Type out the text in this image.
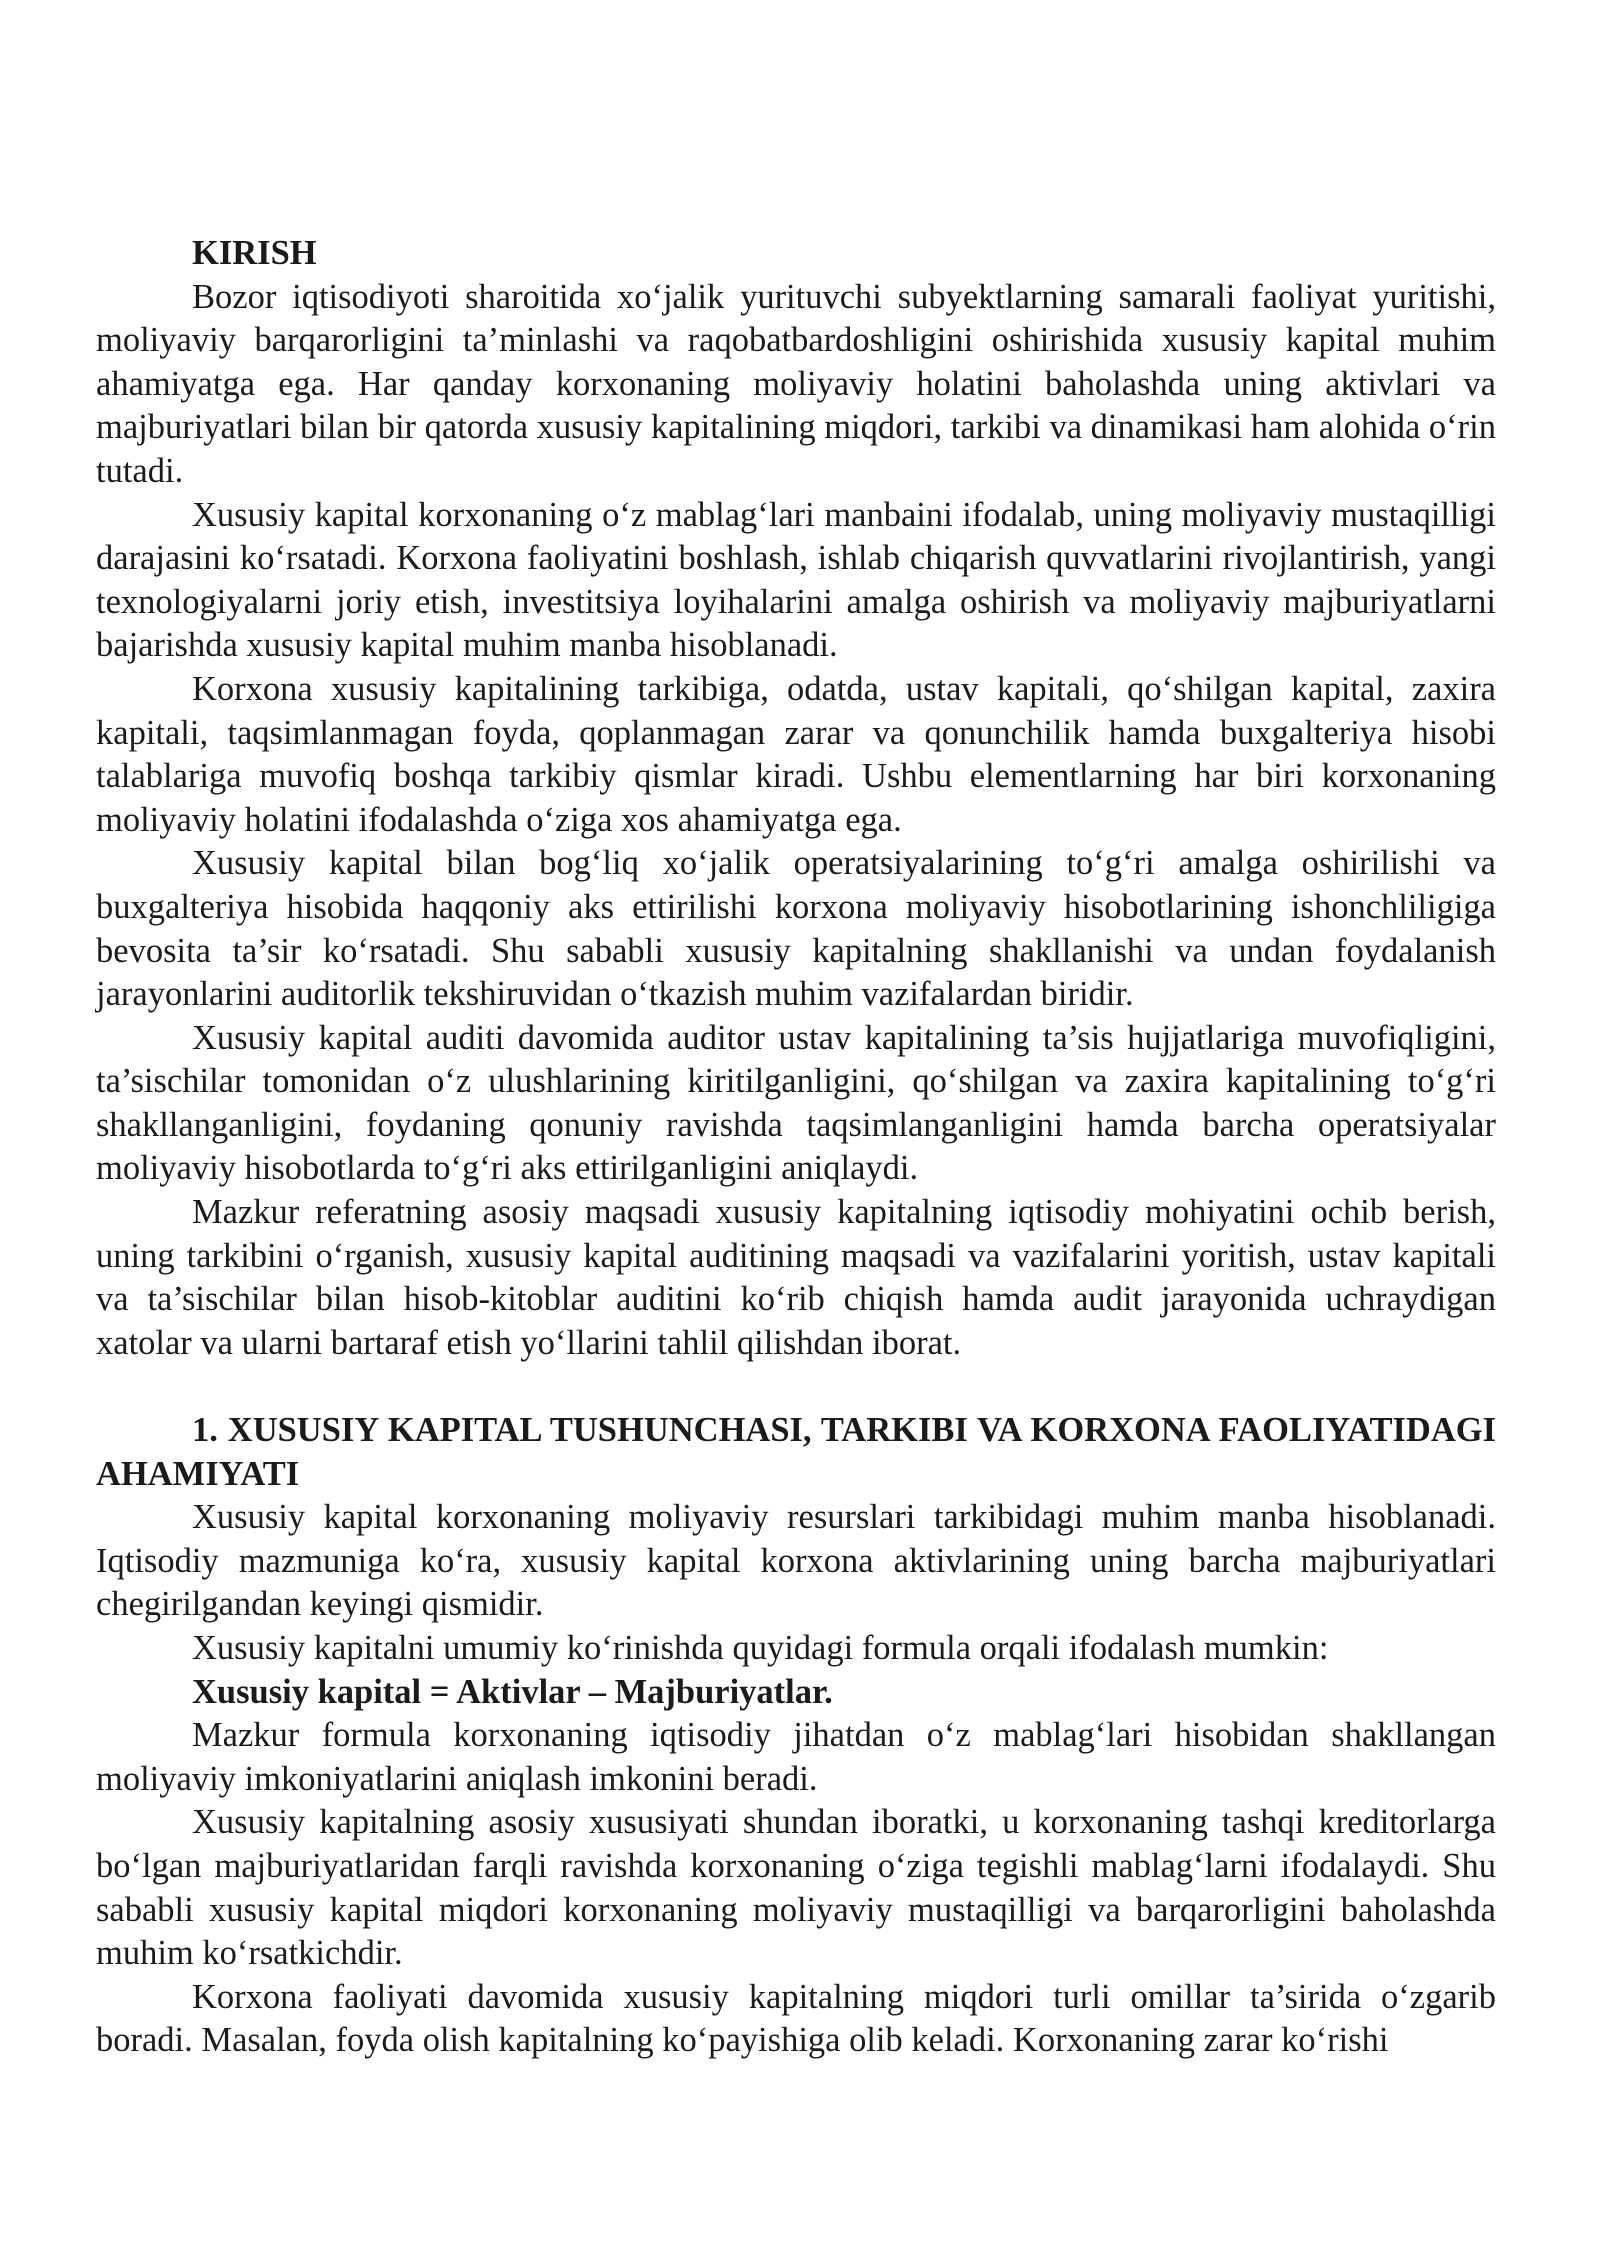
KIRISH

Bozor iqtisodiyoti sharoitida xo‘jalik yurituvchi subyektlarning samarali faoliyat yuritishi, moliyaviy barqarorligini ta’minlashi va raqobatbardoshligini oshirishida xususiy kapital muhim ahamiyatga ega. Har qanday korxonaning moliyaviy holatini baholashda uning aktivlari va majburiyatlari bilan bir qatorda xususiy kapitalining miqdori, tarkibi va dinamikasi ham alohida o‘rin tutadi.

Xususiy kapital korxonaning o‘z mablag‘lari manbaini ifodalab, uning moliyaviy mustaqilligi darajasini ko‘rsatadi. Korxona faoliyatini boshlash, ishlab chiqarish quvvatlarini rivojlantirish, yangi texnologiyalarni joriy etish, investitsiya loyihalarini amalga oshirish va moliyaviy majburiyatlarni bajarishda xususiy kapital muhim manba hisoblanadi.

Korxona xususiy kapitalining tarkibiga, odatda, ustav kapitali, qo‘shilgan kapital, zaxira kapitali, taqsimlanmagan foyda, qoplanmagan zarar va qonunchilik hamda buxgalteriya hisobi talablariga muvofiq boshqa tarkibiy qismlar kiradi. Ushbu elementlarning har biri korxonaning moliyaviy holatini ifodalashda o‘ziga xos ahamiyatga ega.

Xususiy kapital bilan bog‘liq xo‘jalik operatsiyalarining to‘g‘ri amalga oshirilishi va buxgalteriya hisobida haqqoniy aks ettirilishi korxona moliyaviy hisobotlarining ishonchliligiga bevosita ta’sir ko‘rsatadi. Shu sababli xususiy kapitalning shakllanishi va undan foydalanish jarayonlarini auditorlik tekshiruvidan o‘tkazish muhim vazifalardan biridir.

Xususiy kapital auditi davomida auditor ustav kapitalining ta’sis hujjatlariga muvofiqligini, ta’sischilar tomonidan o‘z ulushlarining kiritilganligini, qo‘shilgan va zaxira kapitalining to‘g‘ri shakllanganligini, foydaning qonuniy ravishda taqsimlanganligini hamda barcha operatsiyalar moliyaviy hisobotlarda to‘g‘ri aks ettirilganligini aniqlaydi.

Mazkur referatning asosiy maqsadi xususiy kapitalning iqtisodiy mohiyatini ochib berish, uning tarkibini o‘rganish, xususiy kapital auditining maqsadi va vazifalarini yoritish, ustav kapitali va ta’sischilar bilan hisob-kitoblar auditini ko‘rib chiqish hamda audit jarayonida uchraydigan xatolar va ularni bartaraf etish yo‘llarini tahlil qilishdan iborat.

1. XUSUSIY KAPITAL TUSHUNCHASI, TARKIBI VA KORXONA FAOLIYATIDAGI AHAMIYATI

Xususiy kapital korxonaning moliyaviy resurslari tarkibidagi muhim manba hisoblanadi. Iqtisodiy mazmuniga ko‘ra, xususiy kapital korxona aktivlarining uning barcha majburiyatlari chegirilgandan keyingi qismidir.

Xususiy kapitalni umumiy ko‘rinishda quyidagi formula orqali ifodalash mumkin:

Xususiy kapital = Aktivlar – Majburiyatlar.

Mazkur formula korxonaning iqtisodiy jihatdan o‘z mablag‘lari hisobidan shakllangan moliyaviy imkoniyatlarini aniqlash imkonini beradi.

Xususiy kapitalning asosiy xususiyati shundan iboratki, u korxonaning tashqi kreditorlarga bo‘lgan majburiyatlaridan farqli ravishda korxonaning o‘ziga tegishli mablag‘larni ifodalaydi. Shu sababli xususiy kapital miqdori korxonaning moliyaviy mustaqilligi va barqarorligini baholashda muhim ko‘rsatkichdir.

Korxona faoliyati davomida xususiy kapitalning miqdori turli omillar ta’sirida o‘zgarib boradi. Masalan, foyda olish kapitalning ko‘payishiga olib keladi. Korxonaning zarar ko‘rishi
